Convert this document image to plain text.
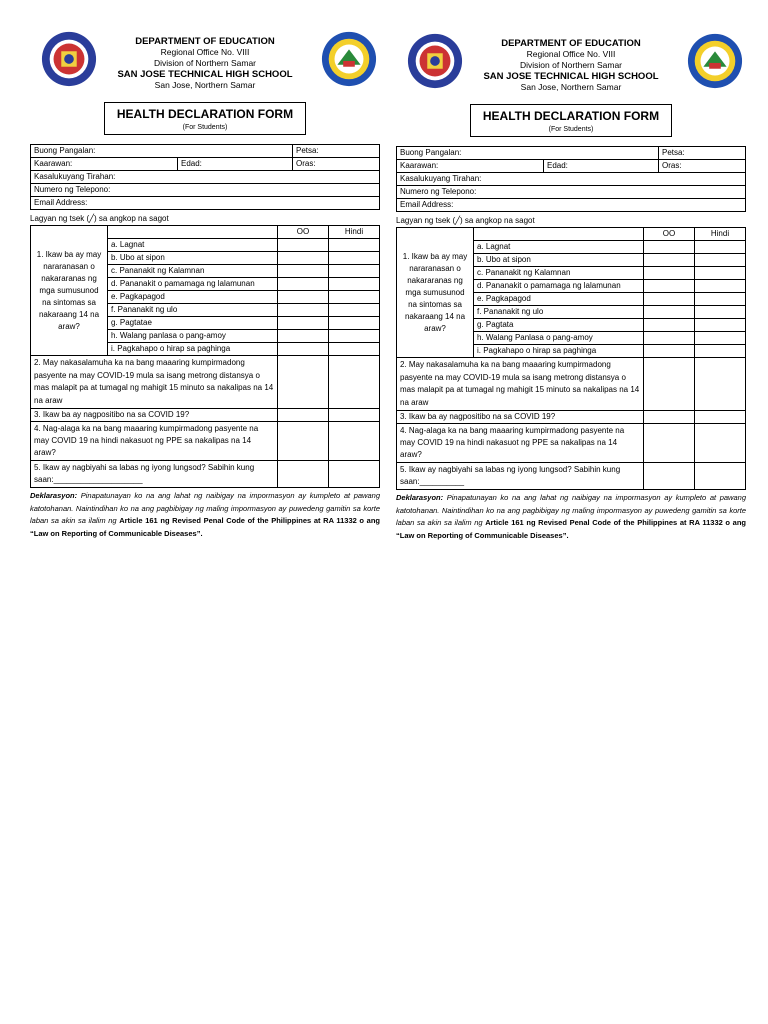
DEPARTMENT OF EDUCATION
Regional Office No. VIII
Division of Northern Samar
SAN JOSE TECHNICAL HIGH SCHOOL
San Jose, Northern Samar
HEALTH DECLARATION FORM
(For Students)
Buong Pangalan:		Petsa:
Kaarawan:	Edad:	Oras:
Kasalukuyang Tirahan:		
Numero ng Telepono:		
Email Address:		
Lagyan ng tsek (╱) sa angkop na sagot
1. Ikaw ba ay may nararanasan o nakararanas ng mga sumusunod na sintomas sa nakaraang 14 na araw?		OO	Hindi
	a. Lagnat		
	b. Ubo at sipon		
	c. Pananakit ng Kalamnan		
	d. Pananakit o pamamaga ng lalamunan		
	e. Pagkapagod		
	f. Pananakit ng ulo		
	g. Pagtatae		
	h. Walang panlasa o pang-amoy		
	i. Pagkahapo o hirap sa paghinga		
2. May nakasalamuha ka na bang maaaring kumpirmadong pasyente na may COVID-19 mula sa isang metrong distansya o mas malapit pa at tumagal ng mahigit 15 minuto sa nakalipas na 14 na araw			
3. Ikaw ba ay nagpositibo na sa COVID 19?			
4. Nag-alaga ka na bang maaaring kumpirmadong pasyente na may COVID 19 na hindi nakasuot ng PPE sa nakalipas na 14 araw?			
5. Ikaw ay nagbiyahi sa labas ng iyong lungsod? Sabihin kung saan:____________________			
Deklarasyon: Pinapatunayan ko na ang lahat ng naibigay na impormasyon ay kumpleto at pawang katotohanan. Naintindihan ko na ang pagbibigay ng maling impormasyon ay puwedeng gamitin sa korte laban sa akin sa ilalim ng Article 161 ng Revised Penal Code of the Philippines at RA 11332 o ang “Law on Reporting of Communicable Diseases”.
DEPARTMENT OF EDUCATION
Regional Office No. VIII
Division of Northern Samar
SAN JOSE TECHNICAL HIGH SCHOOL
San Jose, Northern Samar
HEALTH DECLARATION FORM
(For Students)
Buong Pangalan:		Petsa:
Kaarawan:	Edad:	Oras:
Kasalukuyang Tirahan:		
Numero ng Telepono:		
Email Address:		
Lagyan ng tsek (╱) sa angkop na sagot
1. Ikaw ba ay may nararanasan o nakararanas ng mga sumusunod na sintomas sa nakaraang 14 na araw?		OO	Hindi
	a. Lagnat		
	b. Ubo at sipon		
	c. Pananakit ng Kalamnan		
	d. Pananakit o pamamaga ng lalamunan		
	e. Pagkapagod		
	f. Pananakit ng ulo		
	g. Pagtata		
	h. Walang Panlasa o pang-amoy		
	i. Pagkahapo o hirap sa paghinga		
2. May nakasalamuha ka na bang maaaring kumpirmadong pasyente na may COVID-19 mula sa isang metrong distansya o mas malapit pa at tumagal ng mahigit 15 minuto sa nakalipas na 14 na araw			
3. Ikaw ba ay nagpositibo na sa COVID 19?			
4. Nag-alaga ka na bang maaaring kumpirmadong pasyente na may COVID 19 na hindi nakasuot ng PPE sa nakalipas na 14 araw?			
5. Ikaw ay nagbiyahi sa labas ng iyong lungsod? Sabihin kung saan:__________			
Deklarasyon: Pinapatunayan ko na ang lahat ng naibigay na impormasyon ay kumpleto at pawang katotohanan. Naintindihan ko na ang pagbibigay ng maling impormasyon ay puwedeng gamitin sa korte laban sa akin sa ilalim ng Article 161 ng Revised Penal Code of the Philippines at RA 11332 o ang “Law on Reporting of Communicable Diseases”.
